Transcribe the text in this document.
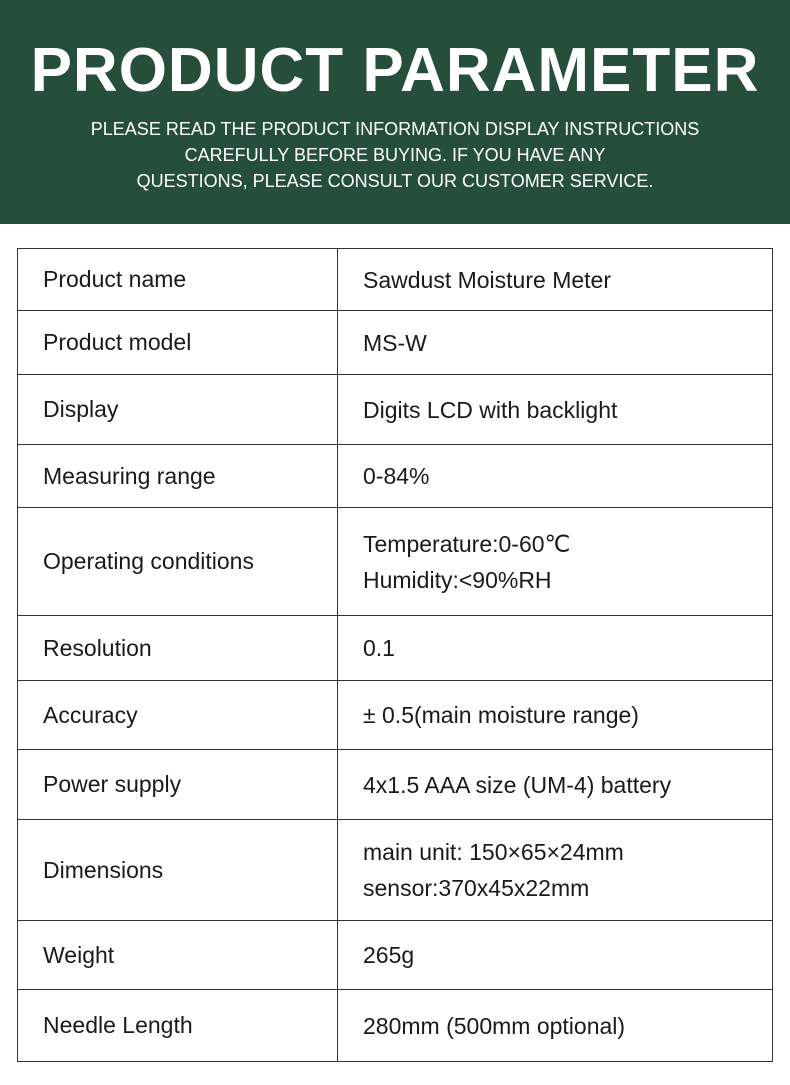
PRODUCT PARAMETER

PLEASE READ THE PRODUCT INFORMATION DISPLAY INSTRUCTIONS
CAREFULLY BEFORE BUYING. IF YOU HAVE ANY
QUESTIONS, PLEASE CONSULT OUR CUSTOMER SERVICE.

Product name	Sawdust Moisture Meter

Product model	MS-W

Display	Digits LCD with backlight

Measuring range	0-84%

Operating conditions	Temperature:0-60℃
Humidity:<90%RH

Resolution	0.1

Accuracy	± 0.5(main moisture range)

Power supply	4x1.5 AAA size (UM-4) battery

Dimensions	main unit: 150×65×24mm
sensor:370x45x22mm

Weight	265g

Needle Length	280mm (500mm optional)
